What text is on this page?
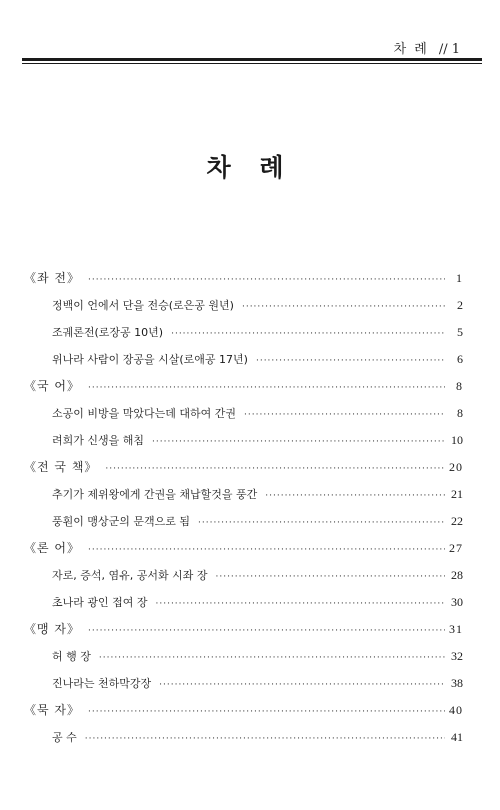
차 례 // 1
차 례
《좌 전》 ·····	1
정백이 언에서 단을 전승(로은공 원년) ·····	2
조궤론전(로장공 10년) ·····	5
위나라 사람이 장공을 시살(로애공 17년) ·····	6
《국 어》 ·····	8
소공이 비방을 막았다는데 대하여 간권 ·····	8
려희가 신생을 해침 ·····	10
《전 국 책》 ·····	20
추기가 제위왕에게 간권을 채납할것을 풍간 ·····	21
풍훤이 맹상군의 문객으로 됨 ·····	22
《론 어》 ·····	27
자로, 증석, 염유, 공서화 시좌 장 ·····	28
초나라 광인 접여 장 ·····	30
《맹 자》 ·····	31
허 행 장 ·····	32
진나라는 천하막강장 ·····	38
《묵 자》 ·····	40
공 수 ·····	41
